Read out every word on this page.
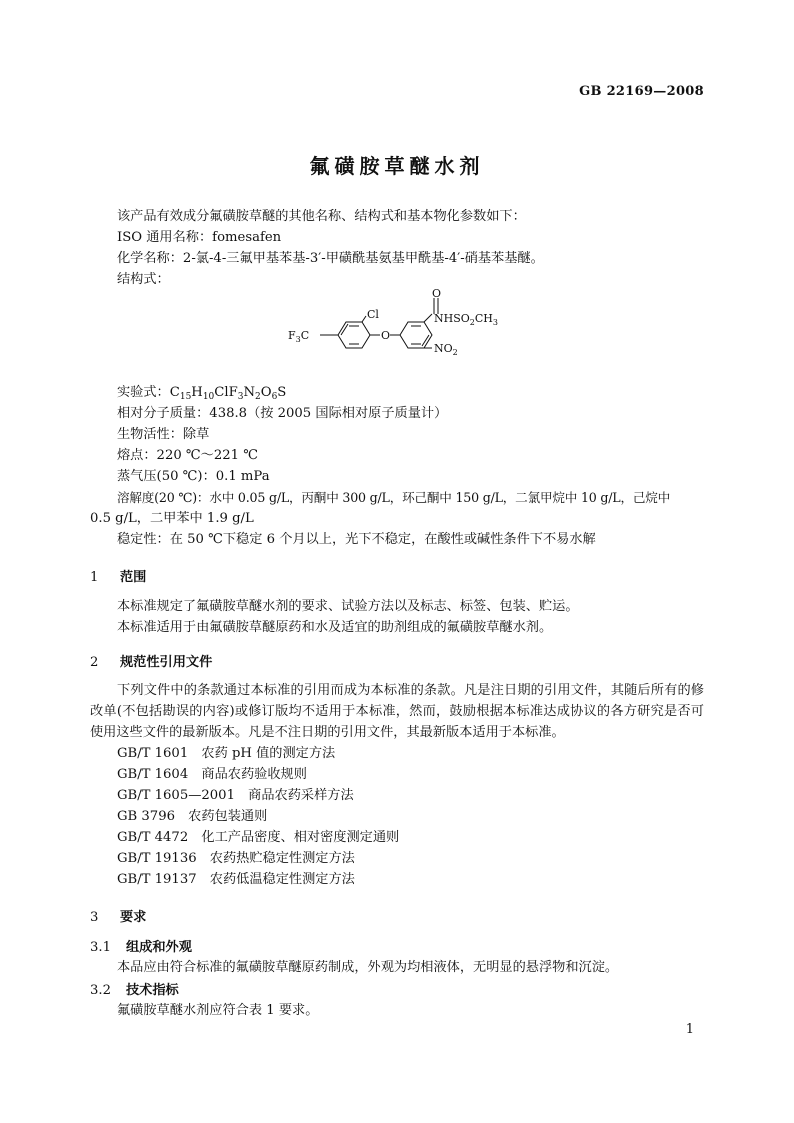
GB 22169—2008
氟磺胺草醚水剂
该产品有效成分氟磺胺草醚的其他名称、结构式和基本物化参数如下：
ISO 通用名称：fomesafen
化学名称：2-氯-4-三氟甲基苯基-3′-甲磺酰基氨基甲酰基-4′-硝基苯基醚。
结构式：
O
Cl	$NHSO_2CH_3$
$F_3C$	O
$NO_2$
实验式：$C_{15}H_{10}ClF_3N_2O_6S$
相对分子质量：438.8（按 2005 国际相对原子质量计）
生物活性：除草
熔点：220 ℃～221 ℃
蒸气压(50 ℃)：0.1 mPa
溶解度(20 ℃)：水中 0.05 g/L，丙酮中 300 g/L，环己酮中 150 g/L，二氯甲烷中 10 g/L，己烷中
0.5 g/L，二甲苯中 1.9 g/L
稳定性：在 50 ℃下稳定 6 个月以上，光下不稳定，在酸性或碱性条件下不易水解
1 范围
本标准规定了氟磺胺草醚水剂的要求、试验方法以及标志、标签、包装、贮运。
本标准适用于由氟磺胺草醚原药和水及适宜的助剂组成的氟磺胺草醚水剂。
2 规范性引用文件
下列文件中的条款通过本标准的引用而成为本标准的条款。凡是注日期的引用文件，其随后所有的修改单(不包括勘误的内容)或修订版均不适用于本标准，然而，鼓励根据本标准达成协议的各方研究是否可使用这些文件的最新版本。凡是不注日期的引用文件，其最新版本适用于本标准。
GB/T 1601　农药 pH 值的测定方法
GB/T 1604　商品农药验收规则
GB/T 1605—2001　商品农药采样方法
GB 3796　农药包装通则
GB/T 4472　化工产品密度、相对密度测定通则
GB/T 19136　农药热贮稳定性测定方法
GB/T 19137　农药低温稳定性测定方法
3 要求
3.1 组成和外观
本品应由符合标准的氟磺胺草醚原药制成，外观为均相液体，无明显的悬浮物和沉淀。
3.2 技术指标
氟磺胺草醚水剂应符合表 1 要求。
1
